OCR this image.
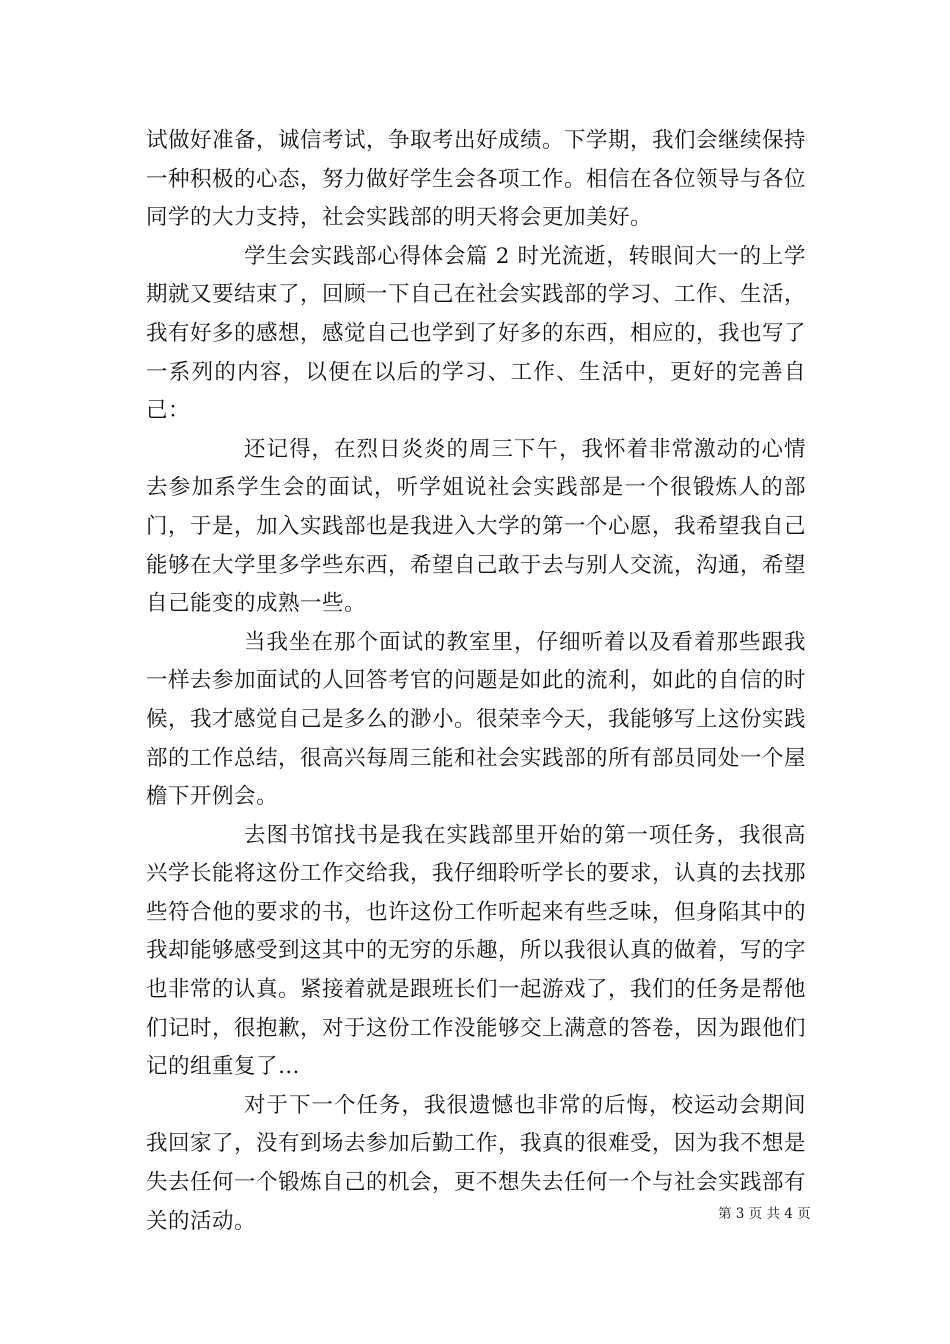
试做好准备，诚信考试，争取考出好成绩。下学期，我们会继续保持一种积极的心态，努力做好学生会各项工作。相信在各位领导与各位同学的大力支持，社会实践部的明天将会更加美好。

学生会实践部心得体会篇 2 时光流逝，转眼间大一的上学期就又要结束了，回顾一下自己在社会实践部的学习、工作、生活，我有好多的感想，感觉自己也学到了好多的东西，相应的，我也写了一系列的内容，以便在以后的学习、工作、生活中，更好的完善自己：

还记得，在烈日炎炎的周三下午，我怀着非常激动的心情去参加系学生会的面试，听学姐说社会实践部是一个很锻炼人的部门，于是，加入实践部也是我进入大学的第一个心愿，我希望我自己能够在大学里多学些东西，希望自己敢于去与别人交流，沟通，希望自己能变的成熟一些。

当我坐在那个面试的教室里，仔细听着以及看着那些跟我一样去参加面试的人回答考官的问题是如此的流利，如此的自信的时候，我才感觉自己是多么的渺小。很荣幸今天，我能够写上这份实践部的工作总结，很高兴每周三能和社会实践部的所有部员同处一个屋檐下开例会。

去图书馆找书是我在实践部里开始的第一项任务，我很高兴学长能将这份工作交给我，我仔细聆听学长的要求，认真的去找那些符合他的要求的书，也许这份工作听起来有些乏味，但身陷其中的我却能够感受到这其中的无穷的乐趣，所以我很认真的做着，写的字也非常的认真。紧接着就是跟班长们一起游戏了，我们的任务是帮他们记时，很抱歉，对于这份工作没能够交上满意的答卷，因为跟他们记的组重复了…

对于下一个任务，我很遗憾也非常的后悔，校运动会期间我回家了，没有到场去参加后勤工作，我真的很难受，因为我不想是失去任何一个锻炼自己的机会，更不想失去任何一个与社会实践部有关的活动。	第 3 页 共 4 页
